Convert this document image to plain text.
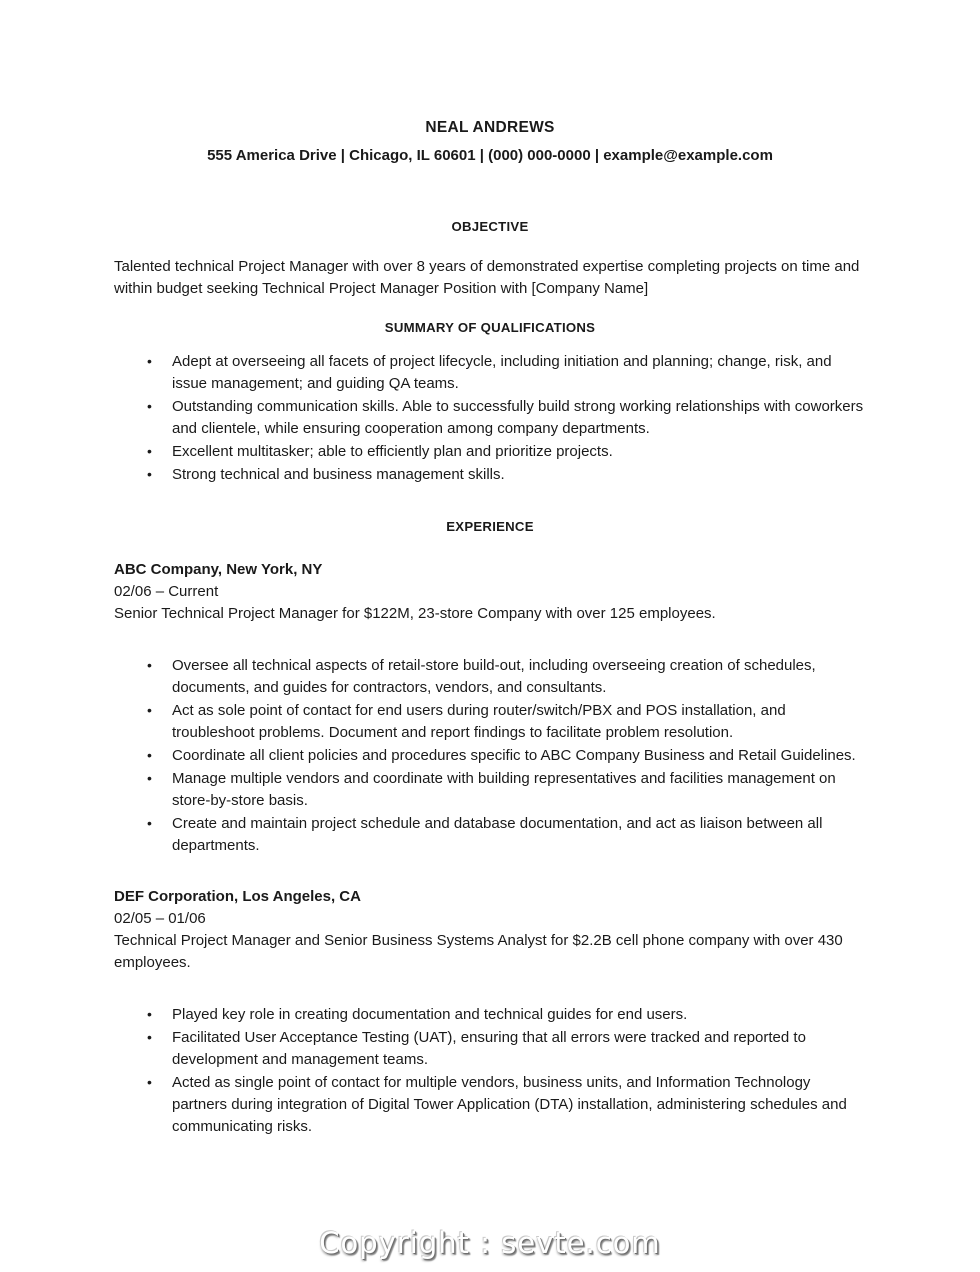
NEAL ANDREWS
555 America Drive | Chicago, IL 60601 | (000) 000-0000 | example@example.com
OBJECTIVE
Talented technical Project Manager with over 8 years of demonstrated expertise completing projects on time and within budget seeking Technical Project Manager Position with [Company Name]
SUMMARY OF QUALIFICATIONS
• Adept at overseeing all facets of project lifecycle, including initiation and planning; change, risk, and issue management; and guiding QA teams.
• Outstanding communication skills. Able to successfully build strong working relationships with coworkers and clientele, while ensuring cooperation among company departments.
• Excellent multitasker; able to efficiently plan and prioritize projects.
• Strong technical and business management skills.
EXPERIENCE
ABC Company, New York, NY
02/06 – Current
Senior Technical Project Manager for $122M, 23-store Company with over 125 employees.
• Oversee all technical aspects of retail-store build-out, including overseeing creation of schedules, documents, and guides for contractors, vendors, and consultants.
• Act as sole point of contact for end users during router/switch/PBX and POS installation, and troubleshoot problems. Document and report findings to facilitate problem resolution.
• Coordinate all client policies and procedures specific to ABC Company Business and Retail Guidelines.
• Manage multiple vendors and coordinate with building representatives and facilities management on store-by-store basis.
• Create and maintain project schedule and database documentation, and act as liaison between all departments.
DEF Corporation, Los Angeles, CA
02/05 – 01/06
Technical Project Manager and Senior Business Systems Analyst for $2.2B cell phone company with over 430 employees.
• Played key role in creating documentation and technical guides for end users.
• Facilitated User Acceptance Testing (UAT), ensuring that all errors were tracked and reported to development and management teams.
• Acted as single point of contact for multiple vendors, business units, and Information Technology partners during integration of Digital Tower Application (DTA) installation, administering schedules and communicating risks.
Copyright : sevte.com
